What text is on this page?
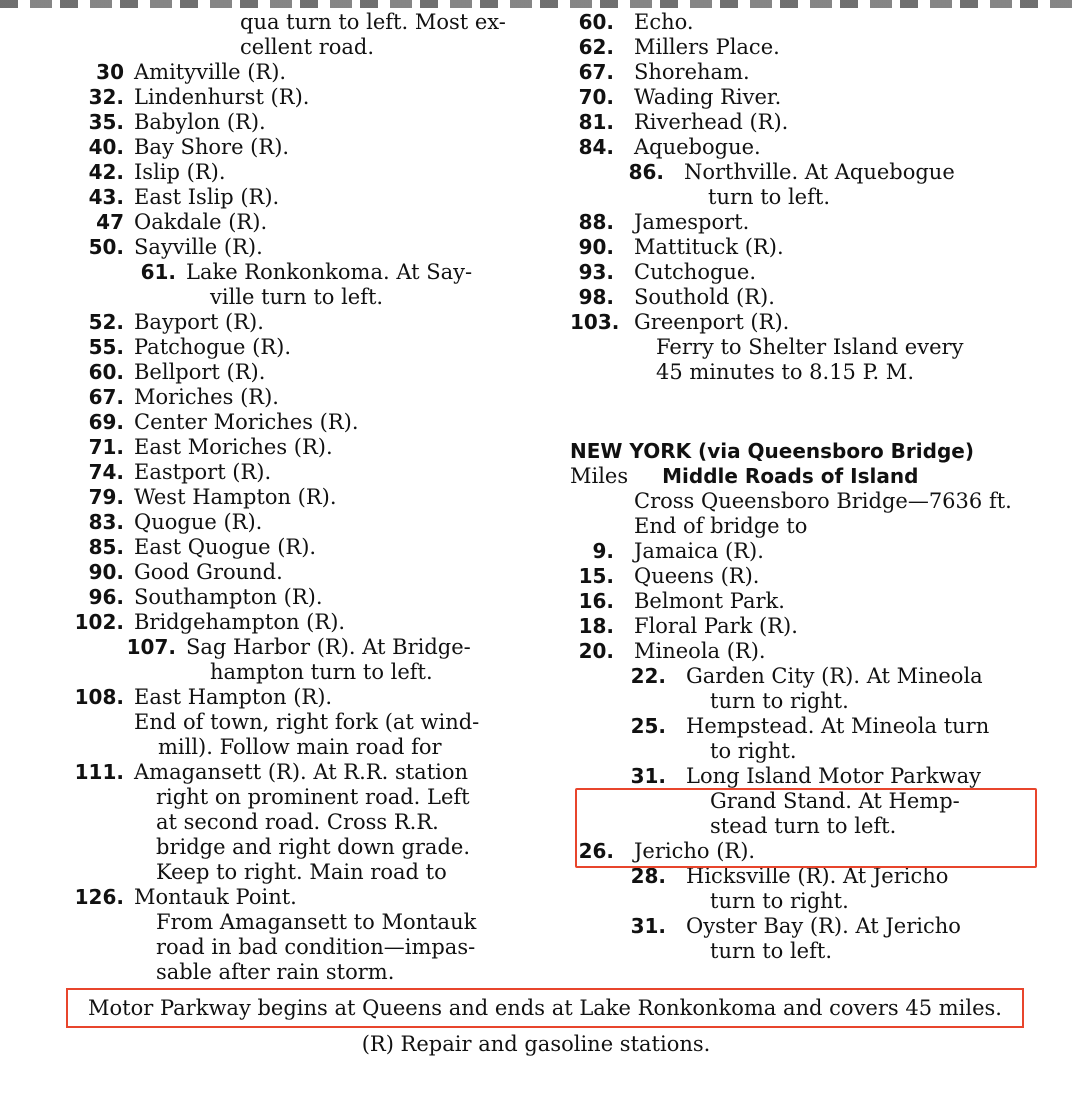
qua turn to left. Most ex-
cellent road.
30 Amityville (R).
32. Lindenhurst (R).
35. Babylon (R).
40. Bay Shore (R).
42. Islip (R).
43. East Islip (R).
47 Oakdale (R).
50. Sayville (R).
61. Lake Ronkonkoma. At Say-
ville turn to left.
52. Bayport (R).
55. Patchogue (R).
60. Bellport (R).
67. Moriches (R).
69. Center Moriches (R).
71. East Moriches (R).
74. Eastport (R).
79. West Hampton (R).
83. Quogue (R).
85. East Quogue (R).
90. Good Ground.
96. Southampton (R).
102. Bridgehampton (R).
107. Sag Harbor (R). At Bridge-
hampton turn to left.
108. East Hampton (R).
End of town, right fork (at wind-
mill). Follow main road for
111. Amagansett (R). At R.R. station
right on prominent road. Left
at second road. Cross R.R.
bridge and right down grade.
Keep to right. Main road to
126. Montauk Point.
From Amagansett to Montauk
road in bad condition—impas-
sable after rain storm.
60. Echo.
62. Millers Place.
67. Shoreham.
70. Wading River.
81. Riverhead (R).
84. Aquebogue.
86. Northville. At Aquebogue
turn to left.
88. Jamesport.
90. Mattituck (R).
93. Cutchogue.
98. Southold (R).
103. Greenport (R).
Ferry to Shelter Island every
45 minutes to 8.15 P. M.
NEW YORK (via Queensboro Bridge)
Miles Middle Roads of Island
Cross Queensboro Bridge—7636 ft.
End of bridge to
9. Jamaica (R).
15. Queens (R).
16. Belmont Park.
18. Floral Park (R).
20. Mineola (R).
22. Garden City (R). At Mineola
turn to right.
25. Hempstead. At Mineola turn
to right.
31. Long Island Motor Parkway
Grand Stand. At Hemp-
stead turn to left.
26. Jericho (R).
28. Hicksville (R). At Jericho
turn to right.
31. Oyster Bay (R). At Jericho
turn to left.
Motor Parkway begins at Queens and ends at Lake Ronkonkoma and covers 45 miles.
(R) Repair and gasoline stations.
